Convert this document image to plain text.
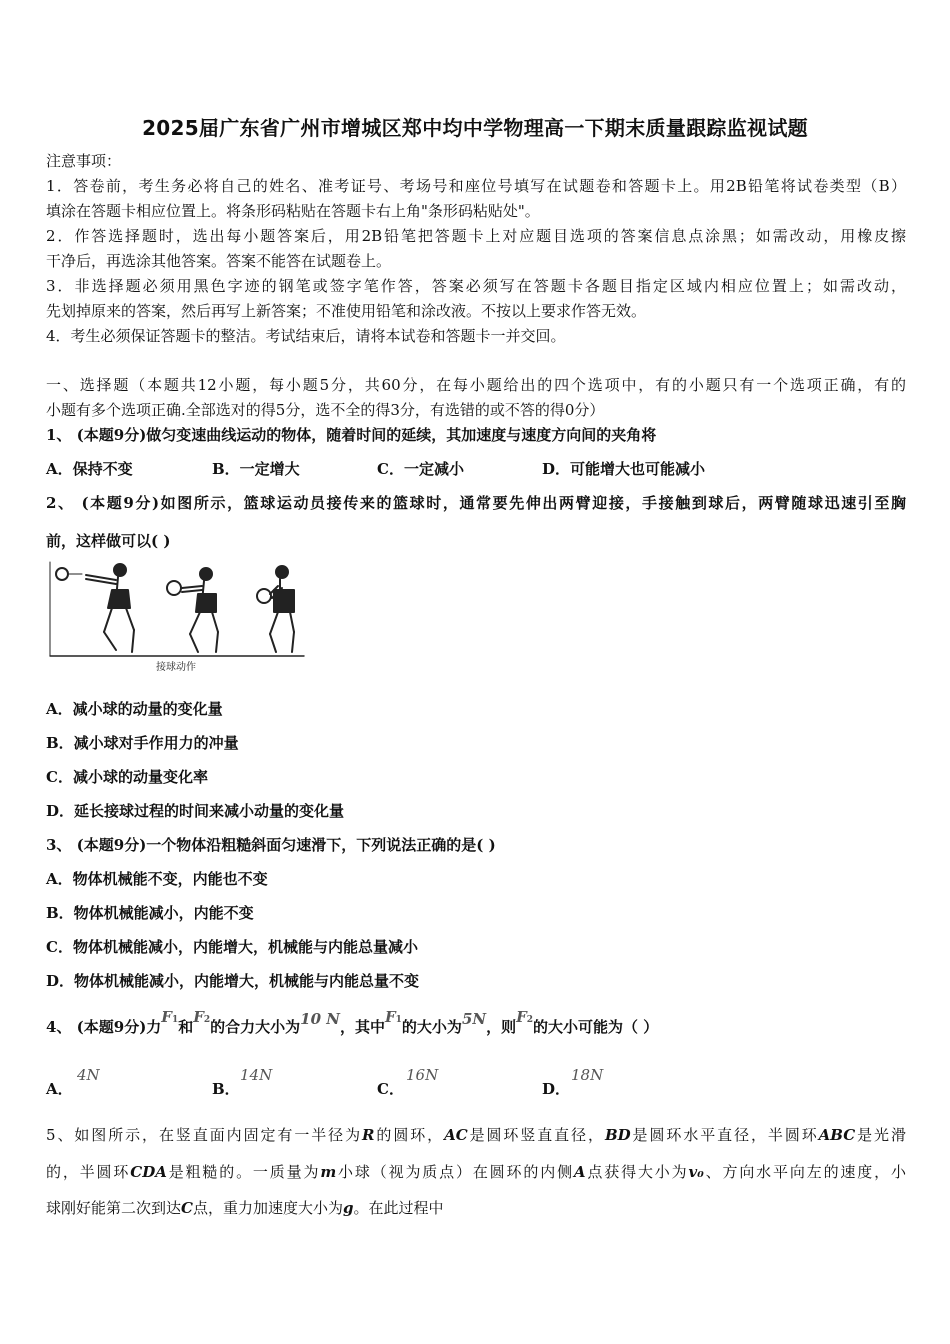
2025届广东省广州市增城区郑中均中学物理高一下期末质量跟踪监视试题
注意事项：
1．答卷前，考生务必将自己的姓名、准考证号、考场号和座位号填写在试题卷和答题卡上。用2B铅笔将试卷类型（B）
填涂在答题卡相应位置上。将条形码粘贴在答题卡右上角"条形码粘贴处"。
2．作答选择题时，选出每小题答案后，用2B铅笔把答题卡上对应题目选项的答案信息点涂黑；如需改动，用橡皮擦
干净后，再选涂其他答案。答案不能答在试题卷上。
3．非选择题必须用黑色字迹的钢笔或签字笔作答，答案必须写在答题卡各题目指定区域内相应位置上；如需改动，
先划掉原来的答案，然后再写上新答案；不准使用铅笔和涂改液。不按以上要求作答无效。
4．考生必须保证答题卡的整洁。考试结束后，请将本试卷和答题卡一并交回。
一、选择题（本题共12小题，每小题5分，共60分，在每小题给出的四个选项中，有的小题只有一个选项正确，有的
小题有多个选项正确.全部选对的得5分，选不全的得3分，有选错的或不答的得0分）
1、 (本题9分)做匀变速曲线运动的物体，随着时间的延续，其加速度与速度方向间的夹角将
A．保持不变	B．一定增大	C．一定减小	D．可能增大也可能减小
2、 (本题9分)如图所示，篮球运动员接传来的篮球时，通常要先伸出两臂迎接，手接触到球后，两臂随球迅速引至胸
前，这样做可以( )
接球动作
A．减小球的动量的变化量
B．减小球对手作用力的冲量
C．减小球的动量变化率
D．延长接球过程的时间来减小动量的变化量
3、 (本题9分)一个物体沿粗糙斜面匀速滑下，下列说法正确的是( )
A．物体机械能不变，内能也不变
B．物体机械能减小，内能不变
C．物体机械能减小，内能增大，机械能与内能总量减小
D．物体机械能减小，内能增大，机械能与内能总量不变
4、 (本题9分)力F1和F2的合力大小为10 N，其中F1的大小为5N，则F2的大小可能为（ ）
A．
4N
B．
14N
C．
16N
D．
18N
5、如图所示，在竖直面内固定有一半径为R的圆环，AC是圆环竖直直径，BD是圆环水平直径，半圆环ABC是光滑
的，半圆环CDA是粗糙的。一质量为m小球（视为质点）在圆环的内侧A点获得大小为v₀、方向水平向左的速度，小
球刚好能第二次到达C点，重力加速度大小为g。在此过程中
